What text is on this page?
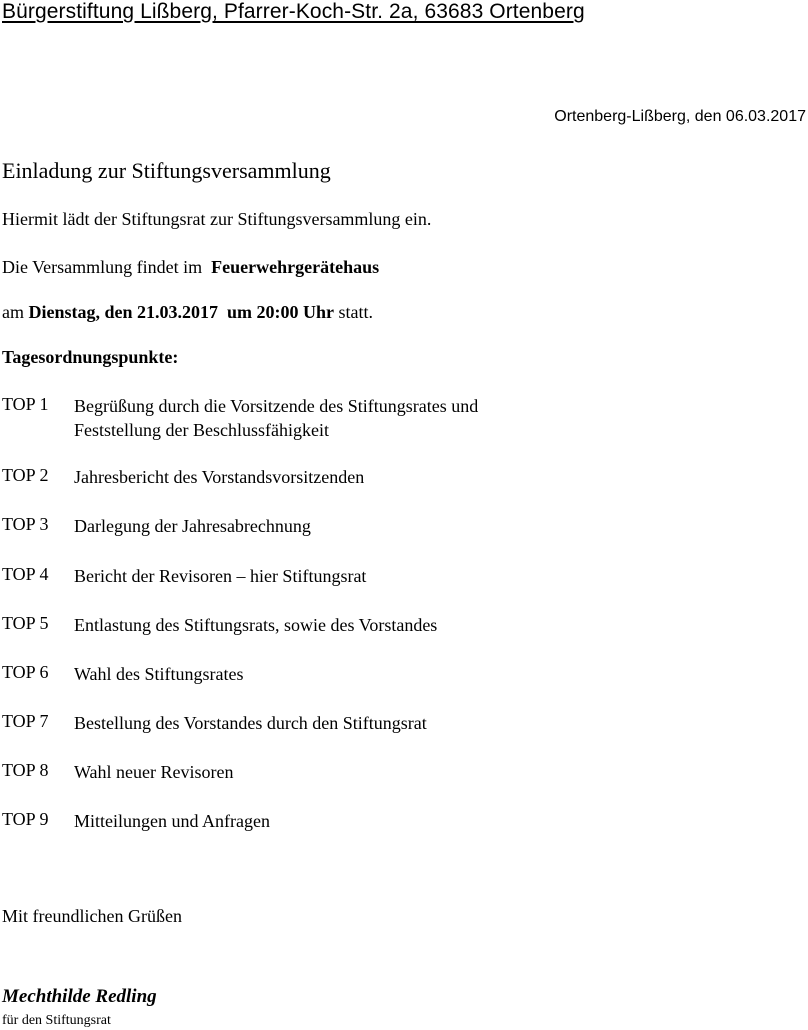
Bürgerstiftung Lißberg, Pfarrer-Koch-Str. 2a, 63683 Ortenberg
Ortenberg-Lißberg, den 06.03.2017
Einladung zur Stiftungsversammlung
Hiermit lädt der Stiftungsrat zur Stiftungsversammlung ein.
Die Versammlung findet im Feuerwehrgerätehaus
am Dienstag, den 21.03.2017 um 20:00 Uhr statt.
Tagesordnungspunkte:
TOP 1	Begrüßung durch die Vorsitzende des Stiftungsrates und
Feststellung der Beschlussfähigkeit
TOP 2	Jahresbericht des Vorstandsvorsitzenden
TOP 3	Darlegung der Jahresabrechnung
TOP 4	Bericht der Revisoren – hier Stiftungsrat
TOP 5	Entlastung des Stiftungsrats, sowie des Vorstandes
TOP 6	Wahl des Stiftungsrates
TOP 7	Bestellung des Vorstandes durch den Stiftungsrat
TOP 8	Wahl neuer Revisoren
TOP 9	Mitteilungen und Anfragen
Mit freundlichen Grüßen
Mechthilde Redling
für den Stiftungsrat
